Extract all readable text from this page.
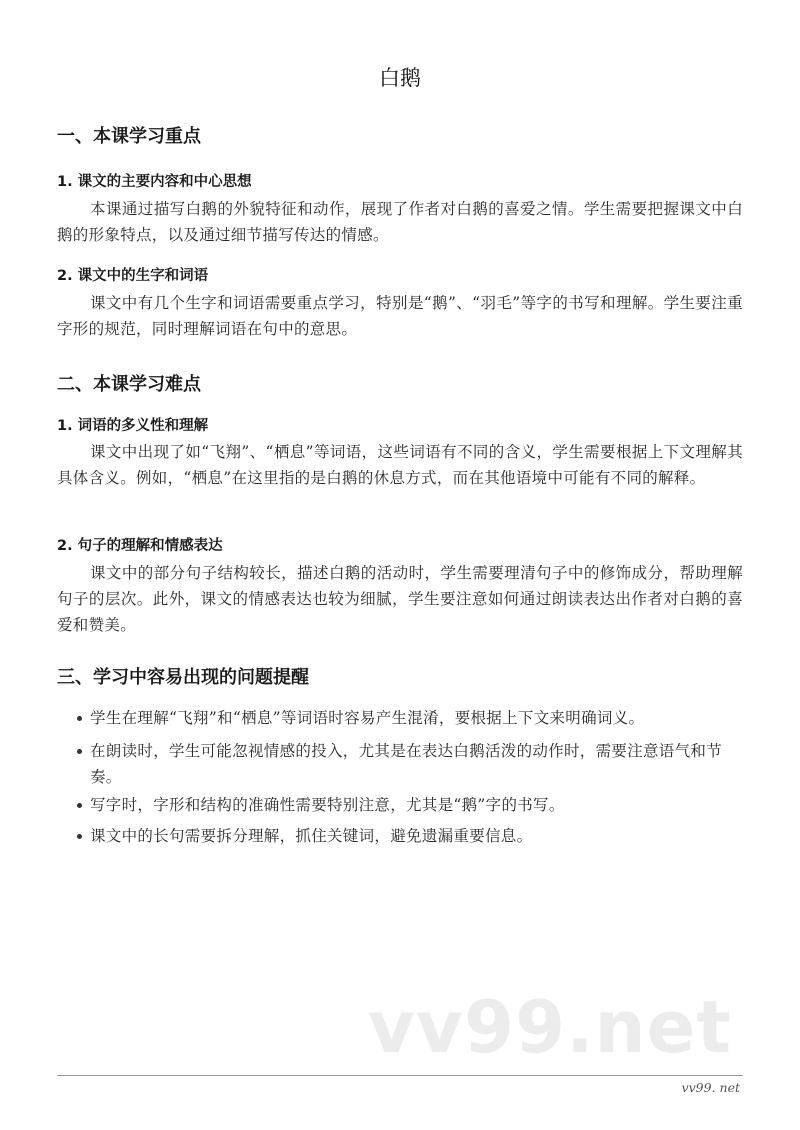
白鹅
一、本课学习重点
1. 课文的主要内容和中心思想
本课通过描写白鹅的外貌特征和动作，展现了作者对白鹅的喜爱之情。学生需要把握课文中白鹅的形象特点，以及通过细节描写传达的情感。
2. 课文中的生字和词语
课文中有几个生字和词语需要重点学习，特别是“鹅”、“羽毛”等字的书写和理解。学生要注重字形的规范，同时理解词语在句中的意思。
二、本课学习难点
1. 词语的多义性和理解
课文中出现了如“飞翔”、“栖息”等词语，这些词语有不同的含义，学生需要根据上下文理解其具体含义。例如，“栖息”在这里指的是白鹅的休息方式，而在其他语境中可能有不同的解释。
2. 句子的理解和情感表达
课文中的部分句子结构较长，描述白鹅的活动时，学生需要理清句子中的修饰成分，帮助理解句子的层次。此外，课文的情感表达也较为细腻，学生要注意如何通过朗读表达出作者对白鹅的喜爱和赞美。
三、学习中容易出现的问题提醒
学生在理解“飞翔”和“栖息”等词语时容易产生混淆，要根据上下文来明确词义。
在朗读时，学生可能忽视情感的投入，尤其是在表达白鹅活泼的动作时，需要注意语气和节奏。
写字时，字形和结构的准确性需要特别注意，尤其是“鹅”字的书写。
课文中的长句需要拆分理解，抓住关键词，避免遗漏重要信息。
vv99.net
vv99. net
